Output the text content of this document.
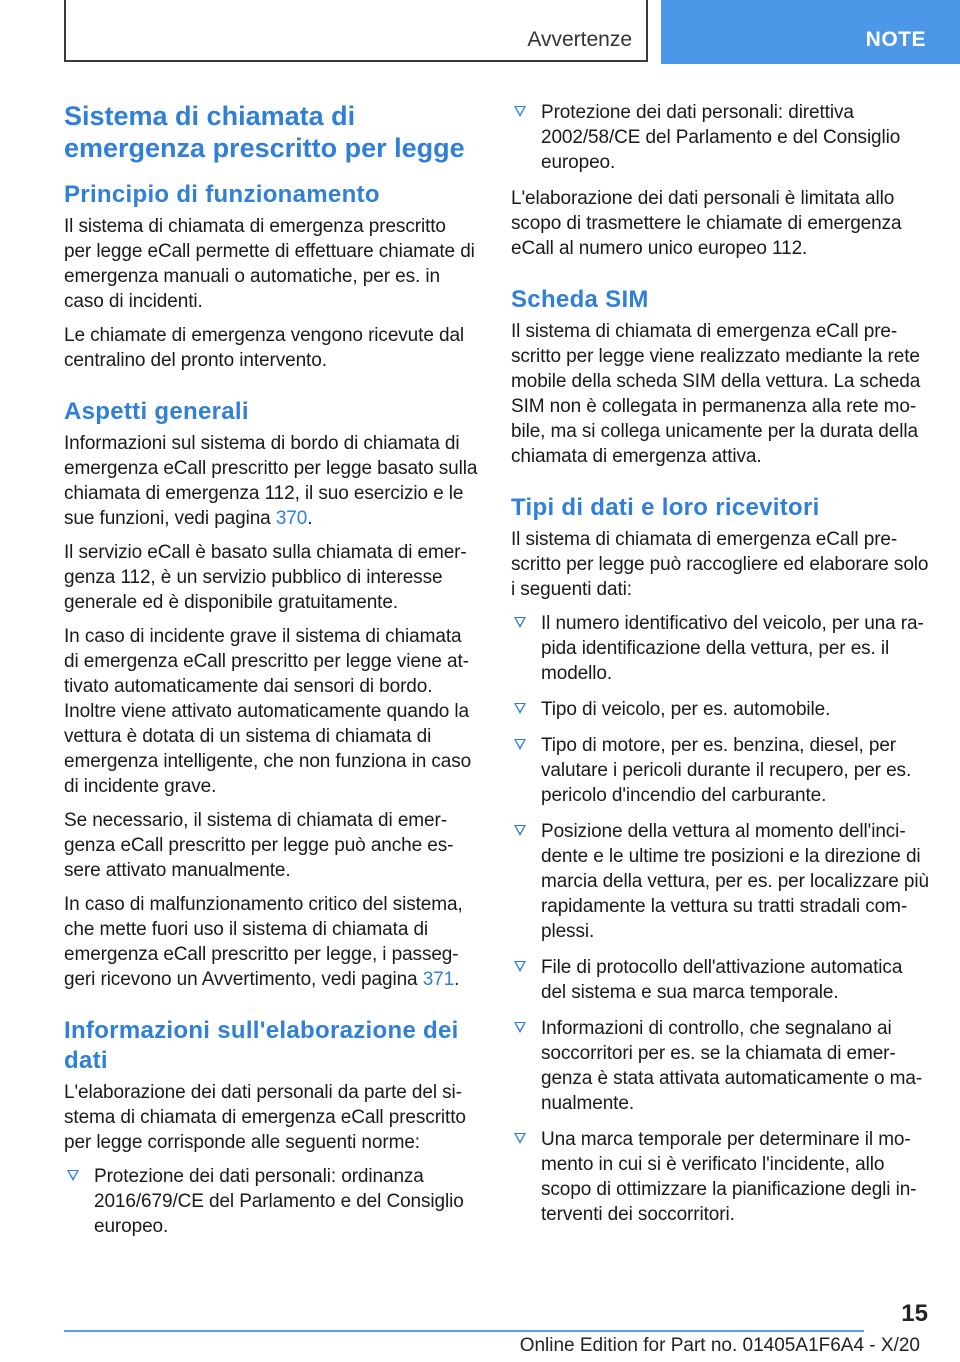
Avvertenze	NOTE
Sistema di chiamata di emergenza prescritto per legge
Principio di funzionamento

Il sistema di chiamata di emergenza prescritto per legge eCall permette di effettuare chiamate di emergenza manuali o automatiche, per es. in caso di incidenti.

Le chiamate di emergenza vengono ricevute dal centralino del pronto intervento.

Aspetti generali

Informazioni sul sistema di bordo di chiamata di emergenza eCall prescritto per legge basato sulla chiamata di emergenza 112, il suo esercizio e le sue funzioni, vedi pagina 370.

Il servizio eCall è basato sulla chiamata di emergenza 112, è un servizio pubblico di interesse generale ed è disponibile gratuitamente.

In caso di incidente grave il sistema di chiamata di emergenza eCall prescritto per legge viene attivato automaticamente dai sensori di bordo. Inoltre viene attivato automaticamente quando la vettura è dotata di un sistema di chiamata di emergenza intelligente, che non funziona in caso di incidente grave.

Se necessario, il sistema di chiamata di emergenza eCall prescritto per legge può anche essere attivato manualmente.

In caso di malfunzionamento critico del sistema, che mette fuori uso il sistema di chiamata di emergenza eCall prescritto per legge, i passeggeri ricevono un Avvertimento, vedi pagina 371.

Informazioni sull'elaborazione dei dati

L'elaborazione dei dati personali da parte del sistema di chiamata di emergenza eCall prescritto per legge corrisponde alle seguenti norme:

Protezione dei dati personali: ordinanza 2016/679/CE del Parlamento e del Consiglio europeo.
Protezione dei dati personali: direttiva 2002/58/CE del Parlamento e del Consiglio europeo.

L'elaborazione dei dati personali è limitata allo scopo di trasmettere le chiamate di emergenza eCall al numero unico europeo 112.

Scheda SIM

Il sistema di chiamata di emergenza eCall prescritto per legge viene realizzato mediante la rete mobile della scheda SIM della vettura. La scheda SIM non è collegata in permanenza alla rete mobile, ma si collega unicamente per la durata della chiamata di emergenza attiva.

Tipi di dati e loro ricevitori

Il sistema di chiamata di emergenza eCall prescritto per legge può raccogliere ed elaborare solo i seguenti dati:

Il numero identificativo del veicolo, per una rapida identificazione della vettura, per es. il modello.
Tipo di veicolo, per es. automobile.
Tipo di motore, per es. benzina, diesel, per valutare i pericoli durante il recupero, per es. pericolo d'incendio del carburante.
Posizione della vettura al momento dell'incidente e le ultime tre posizioni e la direzione di marcia della vettura, per es. per localizzare più rapidamente la vettura su tratti stradali complessi.
File di protocollo dell'attivazione automatica del sistema e sua marca temporale.
Informazioni di controllo, che segnalano ai soccorritori per es. se la chiamata di emergenza è stata attivata automaticamente o manualmente.
Una marca temporale per determinare il momento in cui si è verificato l'incidente, allo scopo di ottimizzare la pianificazione degli interventi dei soccorritori.
15
Online Edition for Part no. 01405A1F6A4 - X/20
